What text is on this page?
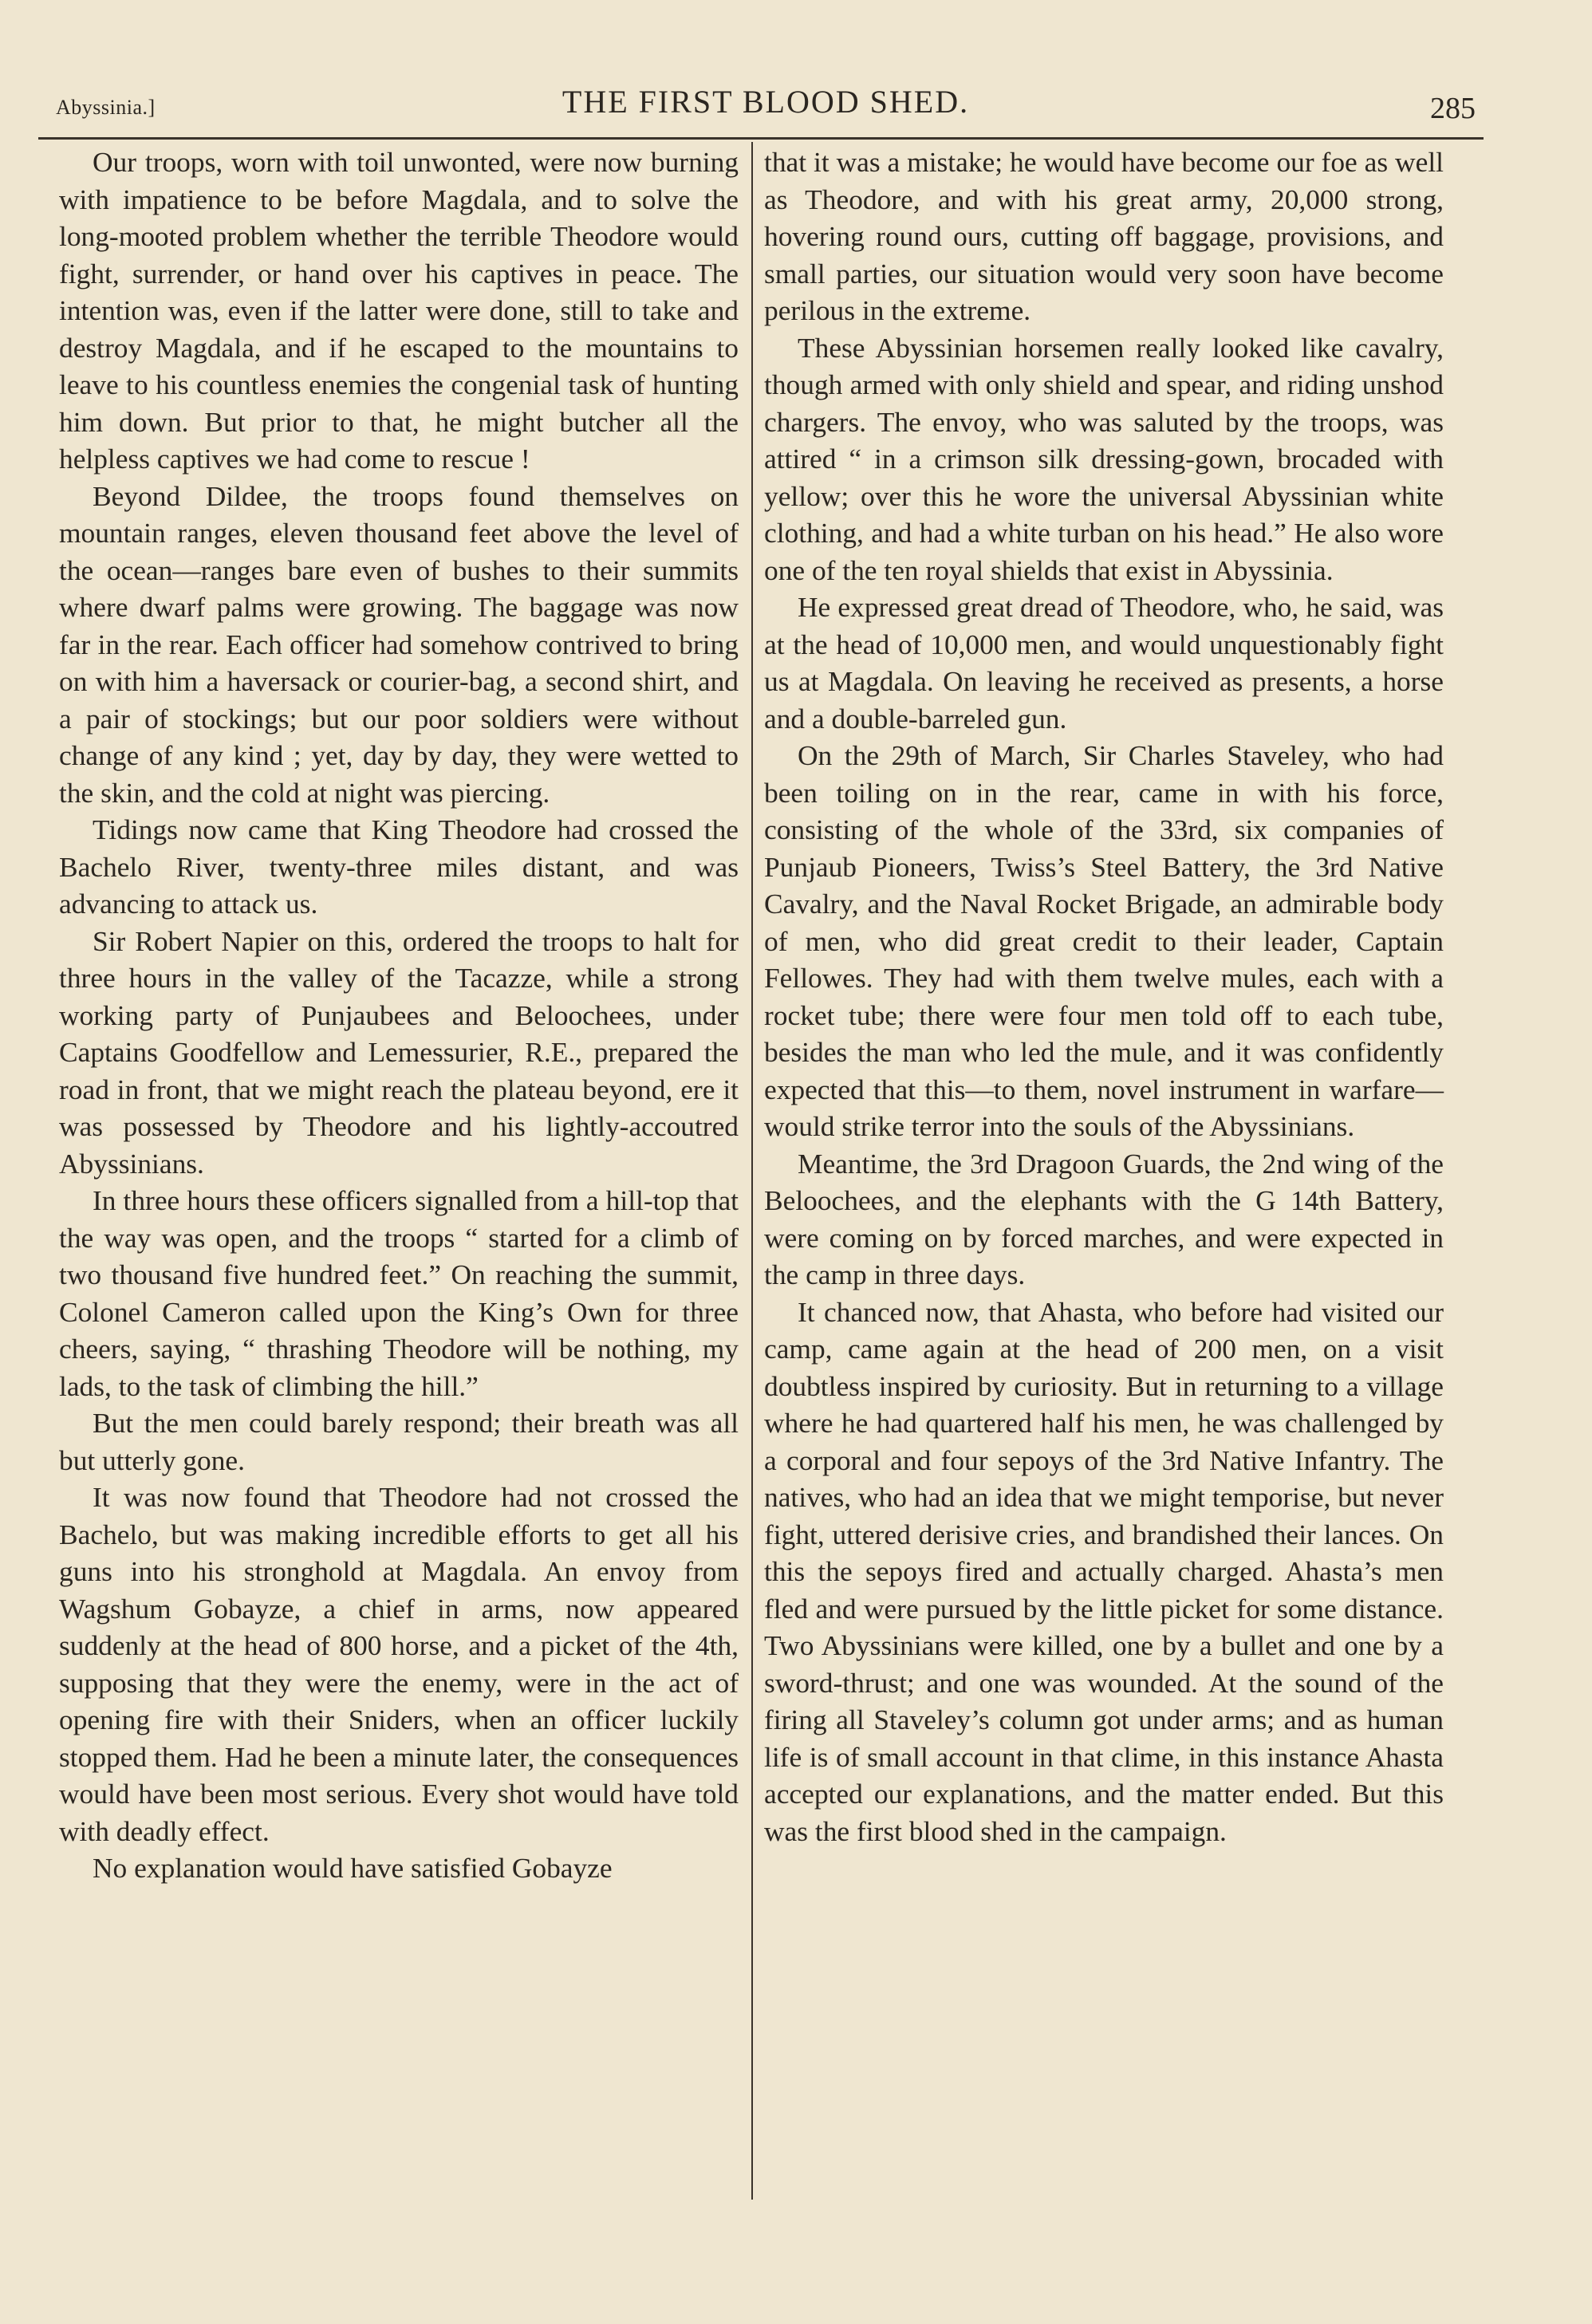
Abyssinia.]	THE FIRST BLOOD SHED.	285

Our troops, worn with toil unwonted, were now burning with impatience to be before Magdala, and to solve the long-mooted problem whether the terrible Theodore would fight, surrender, or hand over his captives in peace. The intention was, even if the latter were done, still to take and destroy Magdala, and if he escaped to the mountains to leave to his countless enemies the congenial task of hunting him down. But prior to that, he might butcher all the helpless captives we had come to rescue !

Beyond Dildee, the troops found themselves on mountain ranges, eleven thousand feet above the level of the ocean—ranges bare even of bushes to their summits where dwarf palms were growing. The baggage was now far in the rear. Each officer had somehow contrived to bring on with him a haversack or courier-bag, a second shirt, and a pair of stockings; but our poor soldiers were without change of any kind ; yet, day by day, they were wetted to the skin, and the cold at night was piercing.

Tidings now came that King Theodore had crossed the Bachelo River, twenty-three miles distant, and was advancing to attack us.

Sir Robert Napier on this, ordered the troops to halt for three hours in the valley of the Tacazze, while a strong working party of Punjaubees and Beloochees, under Captains Goodfellow and Lemessurier, R.E., prepared the road in front, that we might reach the plateau beyond, ere it was possessed by Theodore and his lightly-accoutred Abyssinians.

In three hours these officers signalled from a hill-top that the way was open, and the troops “ started for a climb of two thousand five hundred feet.” On reaching the summit, Colonel Cameron called upon the King’s Own for three cheers, saying, “ thrashing Theodore will be nothing, my lads, to the task of climbing the hill.”

But the men could barely respond; their breath was all but utterly gone.

It was now found that Theodore had not crossed the Bachelo, but was making incredible efforts to get all his guns into his stronghold at Magdala. An envoy from Wagshum Gobayze, a chief in arms, now appeared suddenly at the head of 800 horse, and a picket of the 4th, supposing that they were the enemy, were in the act of opening fire with their Sniders, when an officer luckily stopped them. Had he been a minute later, the consequences would have been most serious. Every shot would have told with deadly effect.

No explanation would have satisfied Gobayze

that it was a mistake; he would have become our foe as well as Theodore, and with his great army, 20,000 strong, hovering round ours, cutting off baggage, provisions, and small parties, our situation would very soon have become perilous in the extreme.

These Abyssinian horsemen really looked like cavalry, though armed with only shield and spear, and riding unshod chargers. The envoy, who was saluted by the troops, was attired “ in a crimson silk dressing-gown, brocaded with yellow; over this he wore the universal Abyssinian white clothing, and had a white turban on his head.” He also wore one of the ten royal shields that exist in Abyssinia.

He expressed great dread of Theodore, who, he said, was at the head of 10,000 men, and would unquestionably fight us at Magdala. On leaving he received as presents, a horse and a double-barreled gun.

On the 29th of March, Sir Charles Staveley, who had been toiling on in the rear, came in with his force, consisting of the whole of the 33rd, six companies of Punjaub Pioneers, Twiss’s Steel Battery, the 3rd Native Cavalry, and the Naval Rocket Brigade, an admirable body of men, who did great credit to their leader, Captain Fellowes. They had with them twelve mules, each with a rocket tube; there were four men told off to each tube, besides the man who led the mule, and it was confidently expected that this—to them, novel instrument in warfare—would strike terror into the souls of the Abyssinians.

Meantime, the 3rd Dragoon Guards, the 2nd wing of the Beloochees, and the elephants with the G 14th Battery, were coming on by forced marches, and were expected in the camp in three days.

It chanced now, that Ahasta, who before had visited our camp, came again at the head of 200 men, on a visit doubtless inspired by curiosity. But in returning to a village where he had quartered half his men, he was challenged by a corporal and four sepoys of the 3rd Native Infantry. The natives, who had an idea that we might temporise, but never fight, uttered derisive cries, and brandished their lances. On this the sepoys fired and actually charged. Ahasta’s men fled and were pursued by the little picket for some distance. Two Abyssinians were killed, one by a bullet and one by a sword-thrust; and one was wounded. At the sound of the firing all Staveley’s column got under arms; and as human life is of small account in that clime, in this instance Ahasta accepted our explanations, and the matter ended. But this was the first blood shed in the campaign.
